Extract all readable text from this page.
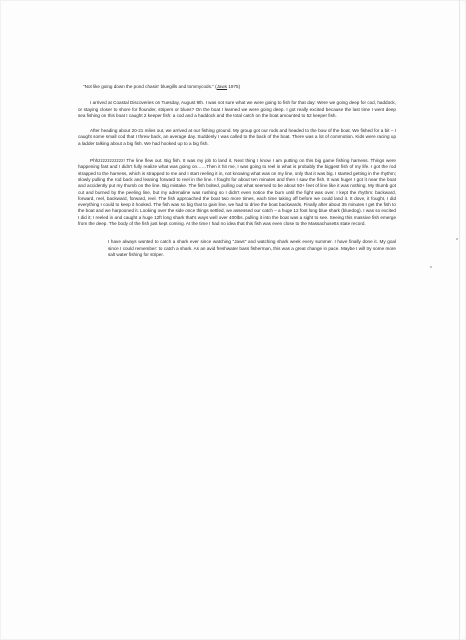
"Not like going down the pond chasin' bluegills and tommycods." (Jaws 1975)

I arrived at Coastal Discoveries on Tuesday, August 9th. I was not sure what we were going to fish for that day: Were we going deep for cod, haddock, or staying closer to shore for flounder, stripers or blues? On the boat I learned we were going deep. I got really excited because the last time I went deep sea fishing on this boat I caught 2 keeper fish: a cod and a haddock and the total catch on the boat amounted to 52 keeper fish.

After heading about 20-21 miles out, we arrived at our fishing ground. My group got our rods and headed to the bow of the boat. We fished for a bit – I caught some small cod that I threw back, an average day. Suddenly I was called to the back of the boat. There was a lot of commotion. Kids were racing up a ladder talking about a big fish. We had hooked up to a big fish.

Phhzzzzzzzzzzz! The line flew out. Big fish. It was my job to land it. Next thing I know I am putting on this big game fishing harness. Things were happening fast and I didn't fully realize what was going on……Then it hit me, I was going to reel in what is probably the biggest fish of my life. I got the rod strapped to the harness, which is strapped to me and I start reeling it in, not knowing what was on my line, only that it was big. I started getting in the rhythm; slowly pulling the rod back and leaning forward to reel in the line. I fought for about ten minutes and then I saw the fish. It was huge! I got it near the boat and accidently put my thumb on the line. Big mistake. The fish bolted, pulling out what seemed to be about 50+ feet of line like it was nothing. My thumb got cut and burned by the peeling line, but my adrenaline was rushing so I didn't even notice the burn until the fight was over. I kept the rhythm: backward, forward, reel, backward, forward, reel. The fish approached the boat two more times, each time taking off before we could land it. It dove, it fought, I did everything I could to keep it hooked. The fish was so big that to gain line, we had to drive the boat backwards. Finally after about 35 minutes I get the fish to the boat and we harpooned it. Looking over the side once things settled, we assessed our catch – a huge 12 foot long blue shark (bluedog). I was so excited I did it; I reeled in and caught a huge 12ft long shark that's ways well over 400lbs. pulling it into the boat was a sight to see. Seeing this massive fish emerge from the deep. The body of the fish just kept coming. At the time I had no idea that this fish was even close to the Massachusetts state record.

I have always wanted to catch a shark ever since watching "Jaws" and watching shark week every summer. I have finally done it. My goal since I could remember: to catch a shark. As an avid freshwater bass fisherman, this was a great change in pace. Maybe I will try some more salt water fishing for striper.
